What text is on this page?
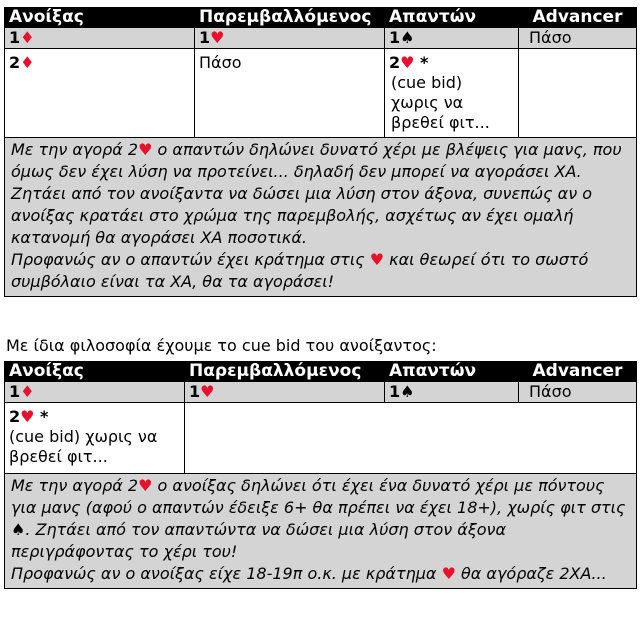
Ανοίξας	Παρεμβαλλόμενος	Απαντών	Advancer
1♦	1♥	1♠	Πάσο
2♦	Πάσο	2♥ *

(cue bid) χωρις να βρεθεί φιτ...	

Με την αγορά 2♥ ο απαντών δηλώνει δυνατό χέρι με βλέψεις για μανς, που όμως δεν έχει λύση να προτείνει... δηλαδή δεν μπορεί να αγοράσει ΧΑ. Ζητάει από τον ανοίξαντα να δώσει μια λύση στον άξονα, συνεπώς αν ο ανοίξας κρατάει στο χρώμα της παρεμβολής, ασχέτως αν έχει ομαλή κατανομή θα αγοράσει ΧΑ ποσοτικά.
Προφανώς αν ο απαντών έχει κράτημα στις ♥ και θεωρεί ότι το σωστό συμβόλαιο είναι τα ΧΑ, θα τα αγοράσει!			
Με ίδια φιλοσοφία έχουμε το cue bid του ανοίξαντος:
Ανοίξας	Παρεμβαλλόμενος	Απαντών	Advancer
1♦	1♥	1♠	Πάσο
2♥ *
(cue bid) χωρις να βρεθεί φιτ...			
Με την αγορά 2♥ ο ανοίξας δηλώνει ότι έχει ένα δυνατό χέρι με πόντους για μανς (αφού ο απαντών έδειξε 6+ θα πρέπει να έχει 18+), χωρίς φιτ στις ♠. Ζητάει από τον απαντώντα να δώσει μια λύση στον άξονα περιγράφοντας το χέρι του!
Προφανώς αν ο ανοίξας είχε 18-19π ο.κ. με κράτημα ♥ θα αγόραζε 2ΧΑ...			
